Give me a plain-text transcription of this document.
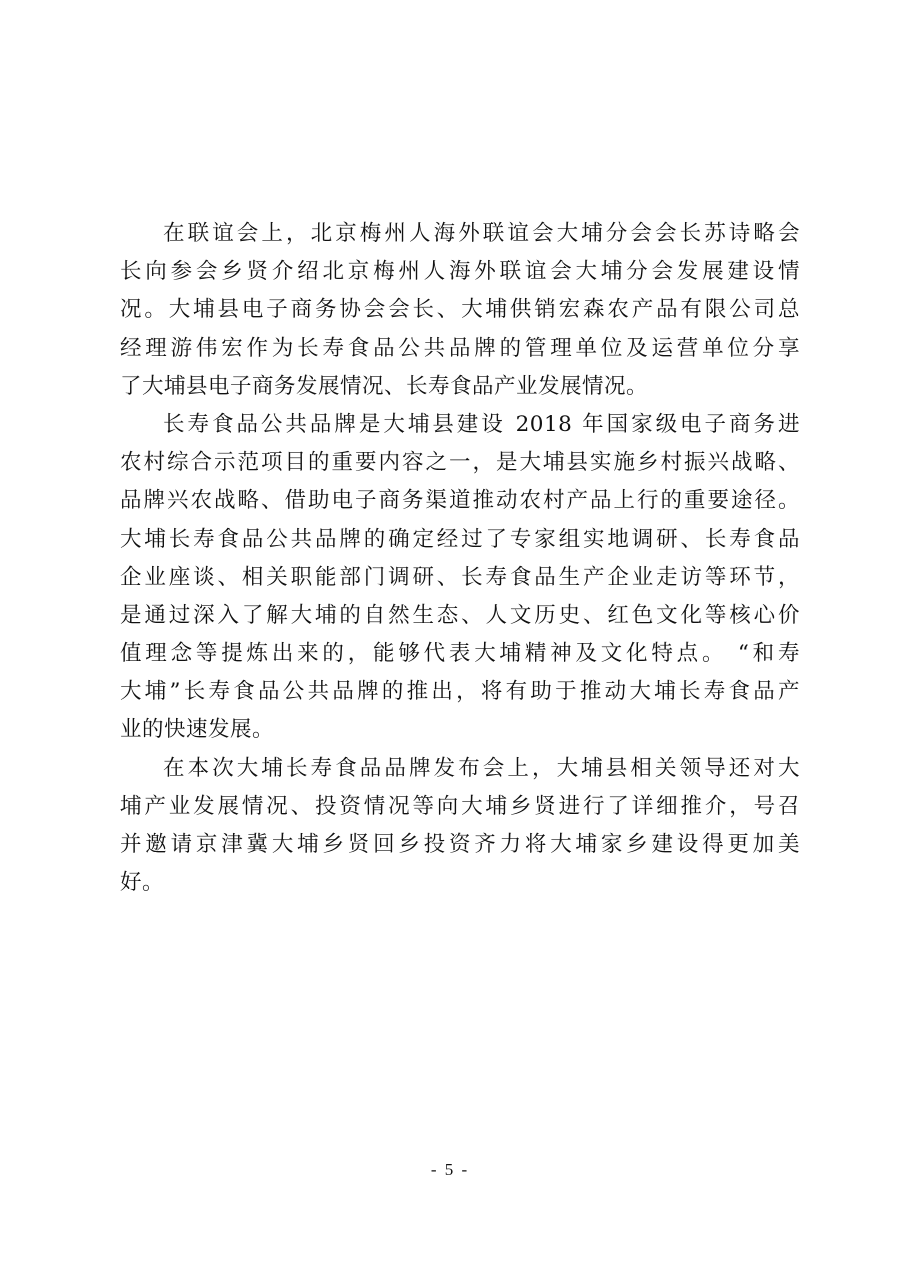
在联谊会上，北京梅州人海外联谊会大埔分会会长苏诗略会
长向参会乡贤介绍北京梅州人海外联谊会大埔分会发展建设情
况。大埔县电子商务协会会长、大埔供销宏森农产品有限公司总
经理游伟宏作为长寿食品公共品牌的管理单位及运营单位分享
了大埔县电子商务发展情况、长寿食品产业发展情况。

长寿食品公共品牌是大埔县建设 2018 年国家级电子商务进
农村综合示范项目的重要内容之一，是大埔县实施乡村振兴战略、
品牌兴农战略、借助电子商务渠道推动农村产品上行的重要途径。
大埔长寿食品公共品牌的确定经过了专家组实地调研、长寿食品
企业座谈、相关职能部门调研、长寿食品生产企业走访等环节，
是通过深入了解大埔的自然生态、人文历史、红色文化等核心价
值理念等提炼出来的，能够代表大埔精神及文化特点。 “和寿
大埔”长寿食品公共品牌的推出，将有助于推动大埔长寿食品产
业的快速发展。

在本次大埔长寿食品品牌发布会上，大埔县相关领导还对大
埔产业发展情况、投资情况等向大埔乡贤进行了详细推介，号召
并邀请京津冀大埔乡贤回乡投资齐力将大埔家乡建设得更加美
好。

- 5 -
